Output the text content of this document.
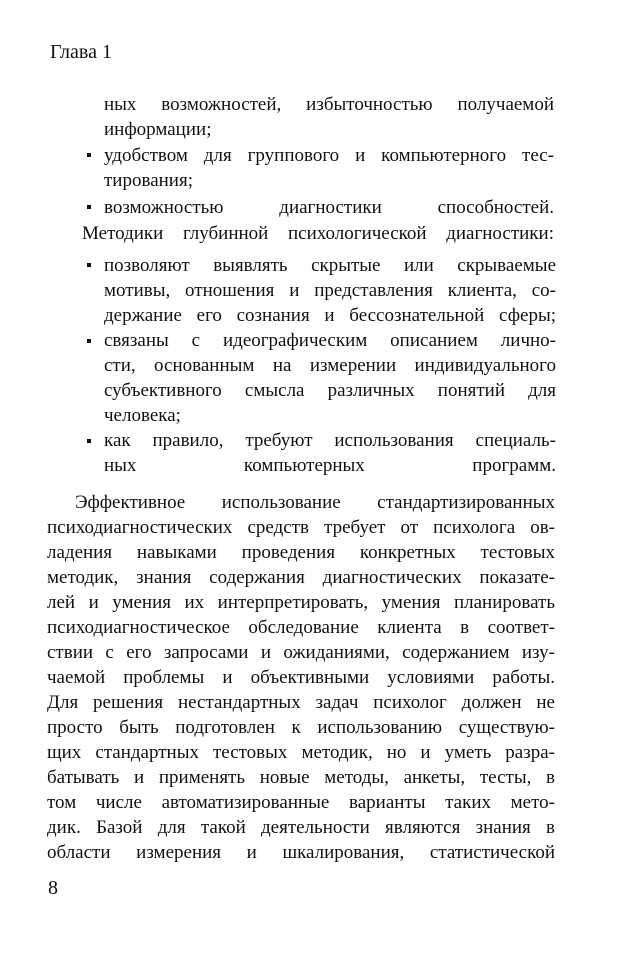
Глава 1
ных возможностей, избыточностью получаемой
информации;
удобством для группового и компьютерного тес-
тирования;
возможностью диагностики способностей.
Методики глубинной психологической диагностики:
позволяют выявлять скрытые или скрываемые
мотивы, отношения и представления клиента, со-
держание его сознания и бессознательной сферы;
связаны с идеографическим описанием лично-
сти, основанным на измерении индивидуального
субъективного смысла различных понятий для
человека;
как правило, требуют использования специаль-
ных компьютерных программ.
Эффективное использование стандартизированных
психодиагностических средств требует от психолога ов-
ладения навыками проведения конкретных тестовых
методик, знания содержания диагностических показате-
лей и умения их интерпретировать, умения планировать
психодиагностическое обследование клиента в соответ-
ствии с его запросами и ожиданиями, содержанием изу-
чаемой проблемы и объективными условиями работы.
Для решения нестандартных задач психолог должен не
просто быть подготовлен к использованию существую-
щих стандартных тестовых методик, но и уметь разра-
батывать и применять новые методы, анкеты, тесты, в
том числе автоматизированные варианты таких мето-
дик. Базой для такой деятельности являются знания в
области измерения и шкалирования, статистической
8
